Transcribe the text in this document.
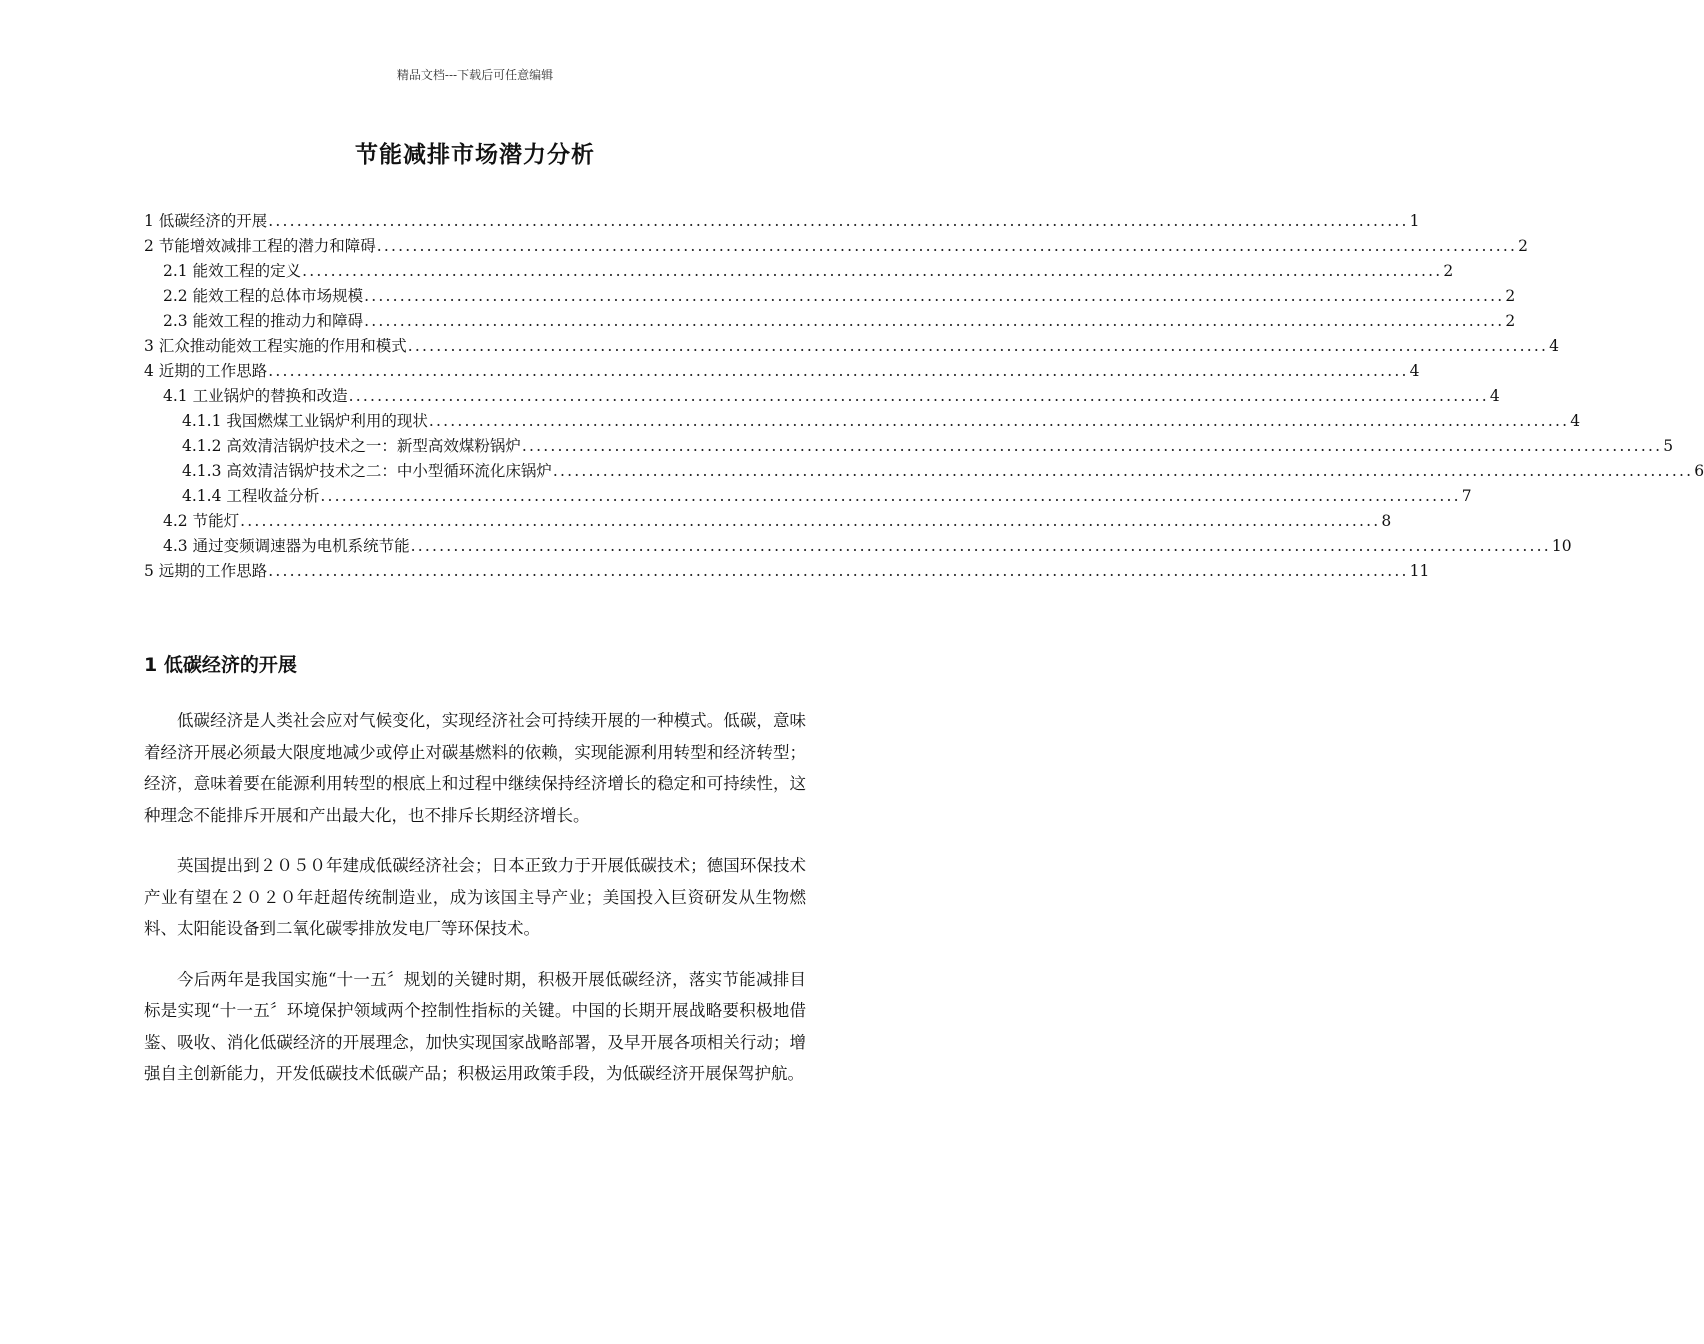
精品文档---下载后可任意编辑
节能减排市场潜力分析
1 低碳经济的开展 ................................................................................................................................................................ 1
2 节能增效减排工程的潜力和障碍 ................................................................................................................................................................ 2
2.1 能效工程的定义 ................................................................................................................................................................ 2
2.2 能效工程的总体市场规模 ................................................................................................................................................................ 2
2.3 能效工程的推动力和障碍 ................................................................................................................................................................ 2
3 汇众推动能效工程实施的作用和模式 ................................................................................................................................................................ 4
4 近期的工作思路 ................................................................................................................................................................ 4
4.1 工业锅炉的替换和改造 ................................................................................................................................................................ 4
4.1.1 我国燃煤工业锅炉利用的现状 ................................................................................................................................................................ 4
4.1.2 高效清洁锅炉技术之一：新型高效煤粉锅炉 ................................................................................................................................................................ 5
4.1.3 高效清洁锅炉技术之二：中小型循环流化床锅炉 ................................................................................................................................................................ 6
4.1.4 工程收益分析 ................................................................................................................................................................ 7
4.2 节能灯 ................................................................................................................................................................ 8
4.3 通过变频调速器为电机系统节能 ................................................................................................................................................................ 10
5 远期的工作思路 ................................................................................................................................................................ 11
1 低碳经济的开展

低碳经济是人类社会应对气候变化，实现经济社会可持续开展的一种模式。低碳，意味着经济开展必须最大限度地减少或停止对碳基燃料的依赖，实现能源利用转型和经济转型；经济，意味着要在能源利用转型的根底上和过程中继续保持经济增长的稳定和可持续性，这种理念不能排斥开展和产出最大化，也不排斥长期经济增长。

英国提出到２０５０年建成低碳经济社会；日本正致力于开展低碳技术；德国环保技术产业有望在２０２０年赶超传统制造业，成为该国主导产业；美国投入巨资研发从生物燃料、太阳能设备到二氧化碳零排放发电厂等环保技术。

今后两年是我国实施“十一五〞规划的关键时期，积极开展低碳经济，落实节能减排目标是实现“十一五〞环境保护领域两个控制性指标的关键。中国的长期开展战略要积极地借鉴、吸收、消化低碳经济的开展理念，加快实现国家战略部署，及早开展各项相关行动；增强自主创新能力，开发低碳技术低碳产品；积极运用政策手段，为低碳经济开展保驾护航。
